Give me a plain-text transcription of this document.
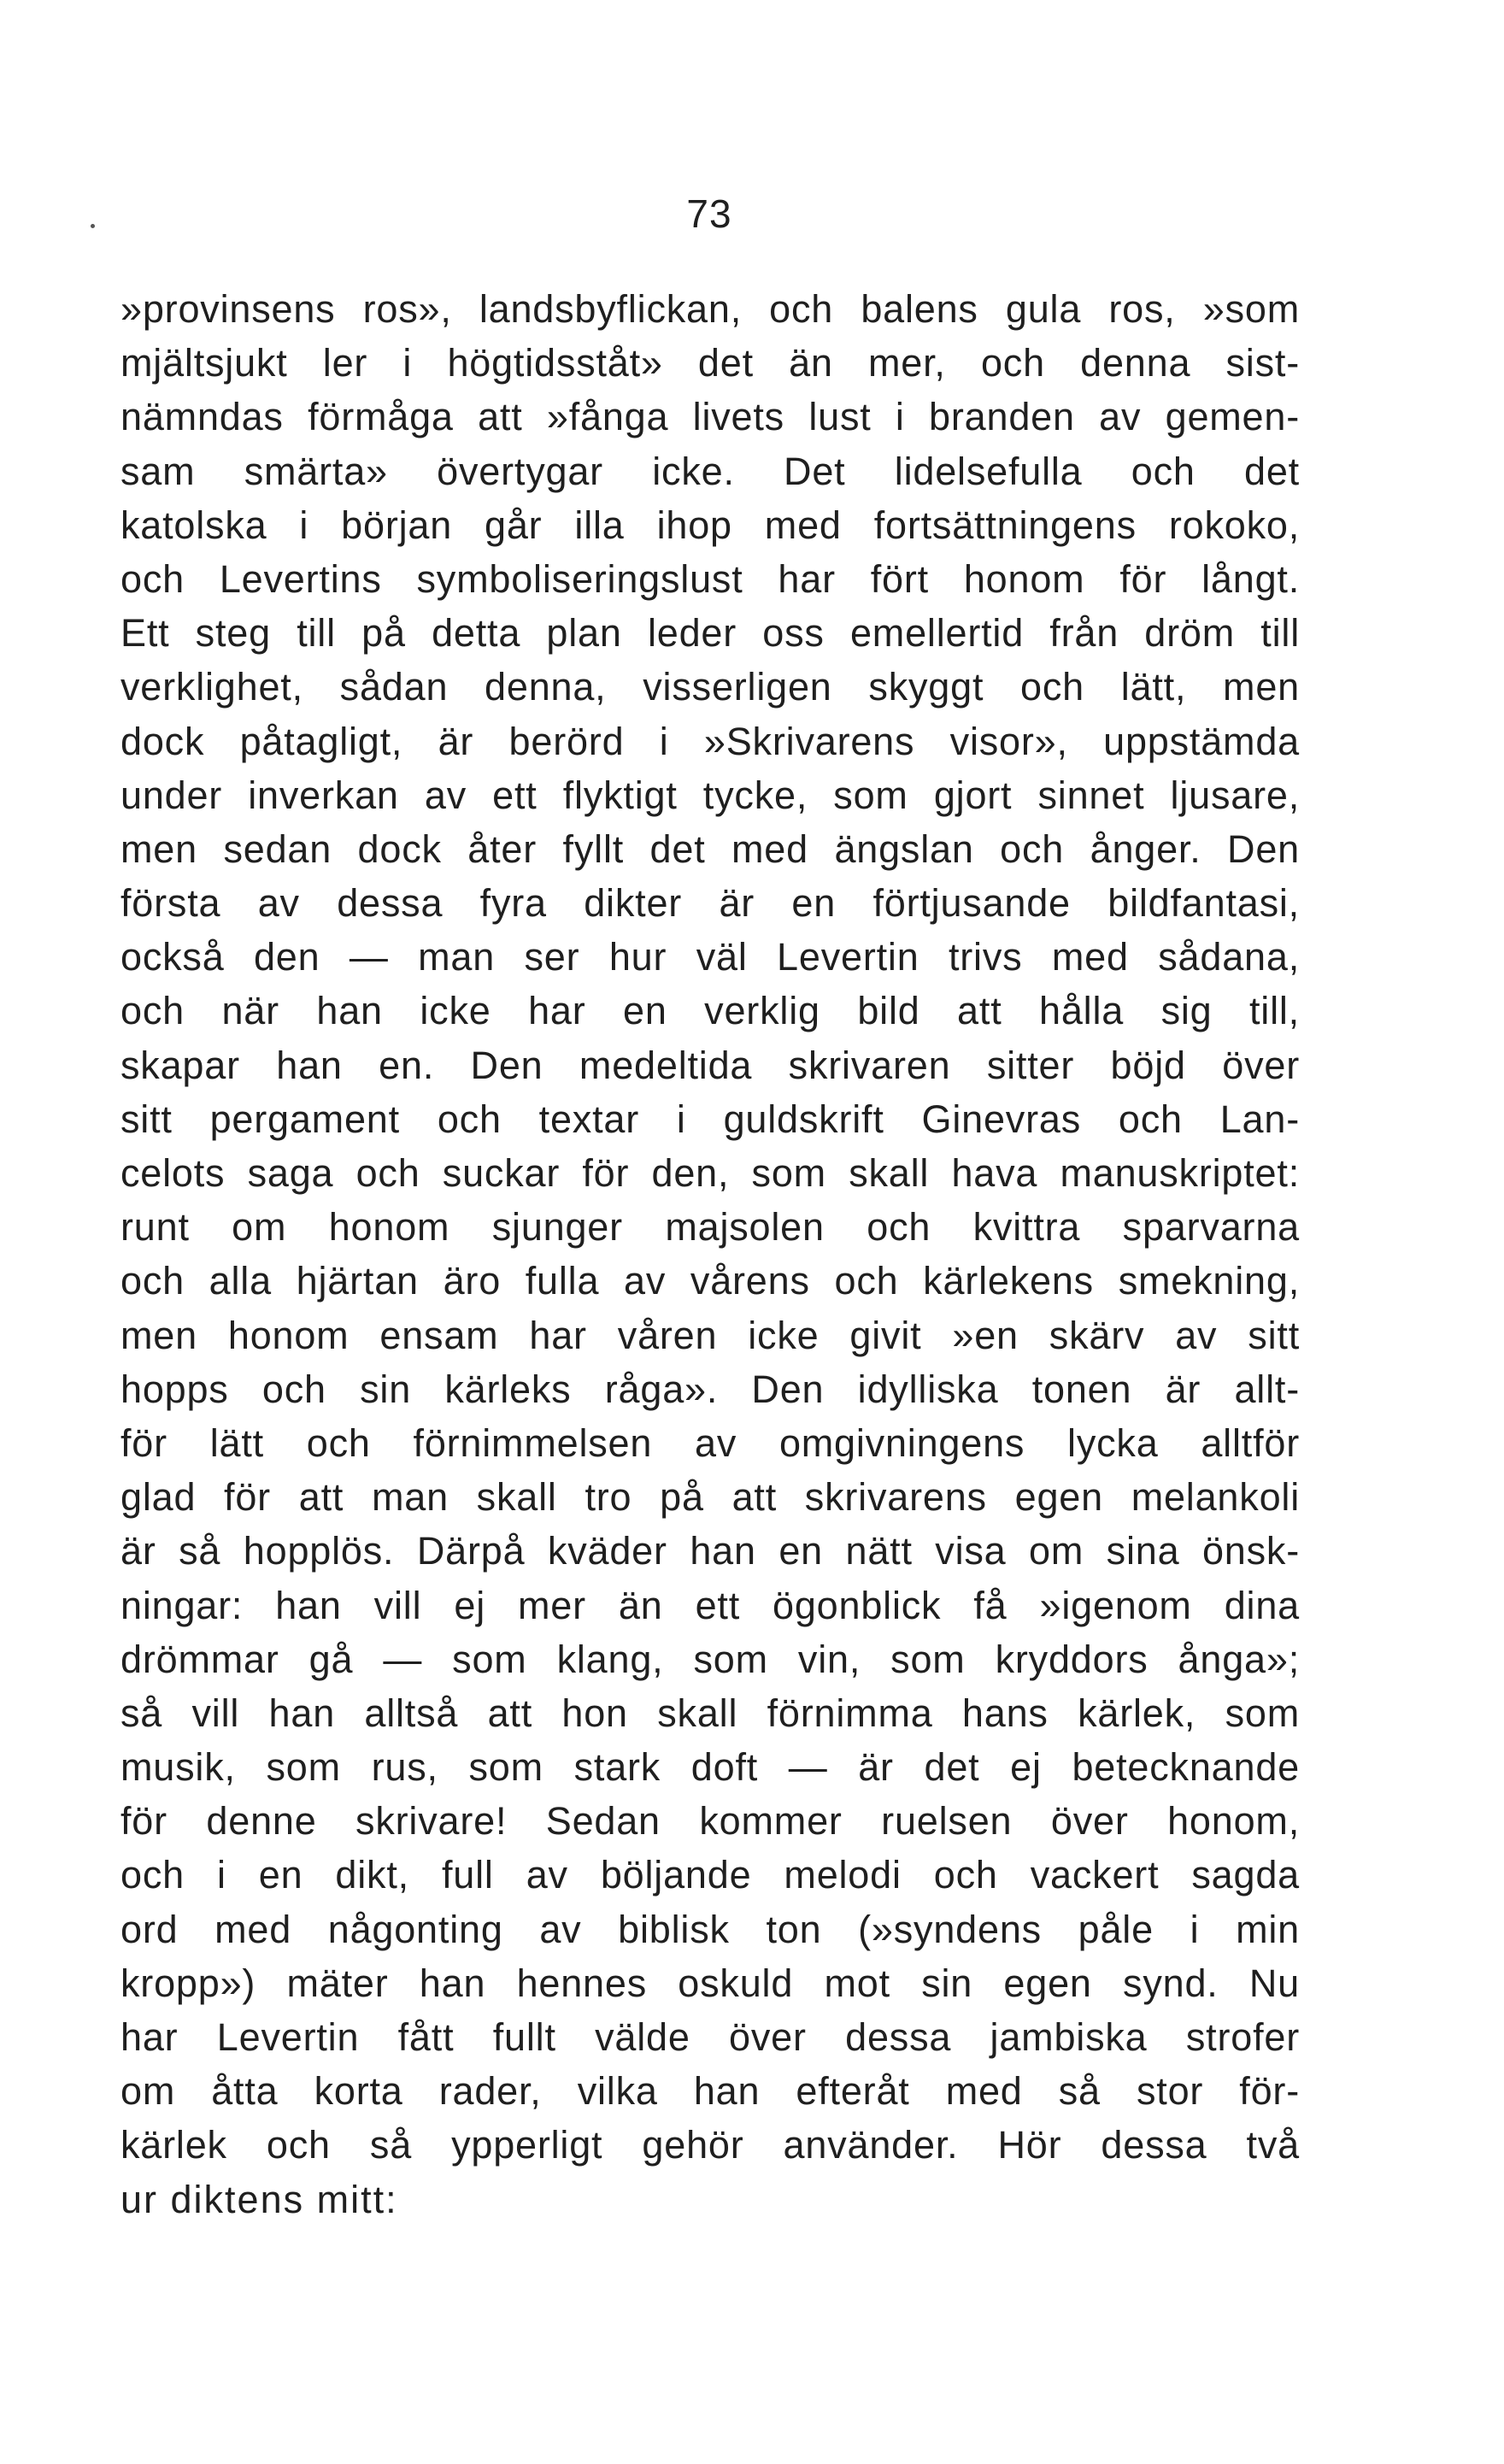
73
»provinsens ros», landsbyflickan, och balens gula ros, »som
mjältsjukt ler i högtidsståt» det än mer, och denna sist-
nämndas förmåga att »fånga livets lust i branden av gemen-
sam smärta» övertygar icke. Det lidelsefulla och det
katolska i början går illa ihop med fortsättningens rokoko,
och Levertins symboliseringslust har fört honom för långt.
Ett steg till på detta plan leder oss emellertid från dröm till
verklighet, sådan denna, visserligen skyggt och lätt, men
dock påtagligt, är berörd i »Skrivarens visor», uppstämda
under inverkan av ett flyktigt tycke, som gjort sinnet ljusare,
men sedan dock åter fyllt det med ängslan och ånger. Den
första av dessa fyra dikter är en förtjusande bildfantasi,
också den — man ser hur väl Levertin trivs med sådana,
och när han icke har en verklig bild att hålla sig till,
skapar han en. Den medeltida skrivaren sitter böjd över
sitt pergament och textar i guldskrift Ginevras och Lan-
celots saga och suckar för den, som skall hava manuskriptet:
runt om honom sjunger majsolen och kvittra sparvarna
och alla hjärtan äro fulla av vårens och kärlekens smekning,
men honom ensam har våren icke givit »en skärv av sitt
hopps och sin kärleks råga». Den idylliska tonen är allt-
för lätt och förnimmelsen av omgivningens lycka alltför
glad för att man skall tro på att skrivarens egen melankoli
är så hopplös. Därpå kväder han en nätt visa om sina önsk-
ningar: han vill ej mer än ett ögonblick få »igenom dina
drömmar gå — som klang, som vin, som kryddors ånga»;
så vill han alltså att hon skall förnimma hans kärlek, som
musik, som rus, som stark doft — är det ej betecknande
för denne skrivare! Sedan kommer ruelsen över honom,
och i en dikt, full av böljande melodi och vackert sagda
ord med någonting av biblisk ton (»syndens påle i min
kropp») mäter han hennes oskuld mot sin egen synd. Nu
har Levertin fått fullt välde över dessa jambiska strofer
om åtta korta rader, vilka han efteråt med så stor för-
kärlek och så ypperligt gehör använder. Hör dessa två
ur diktens mitt:
